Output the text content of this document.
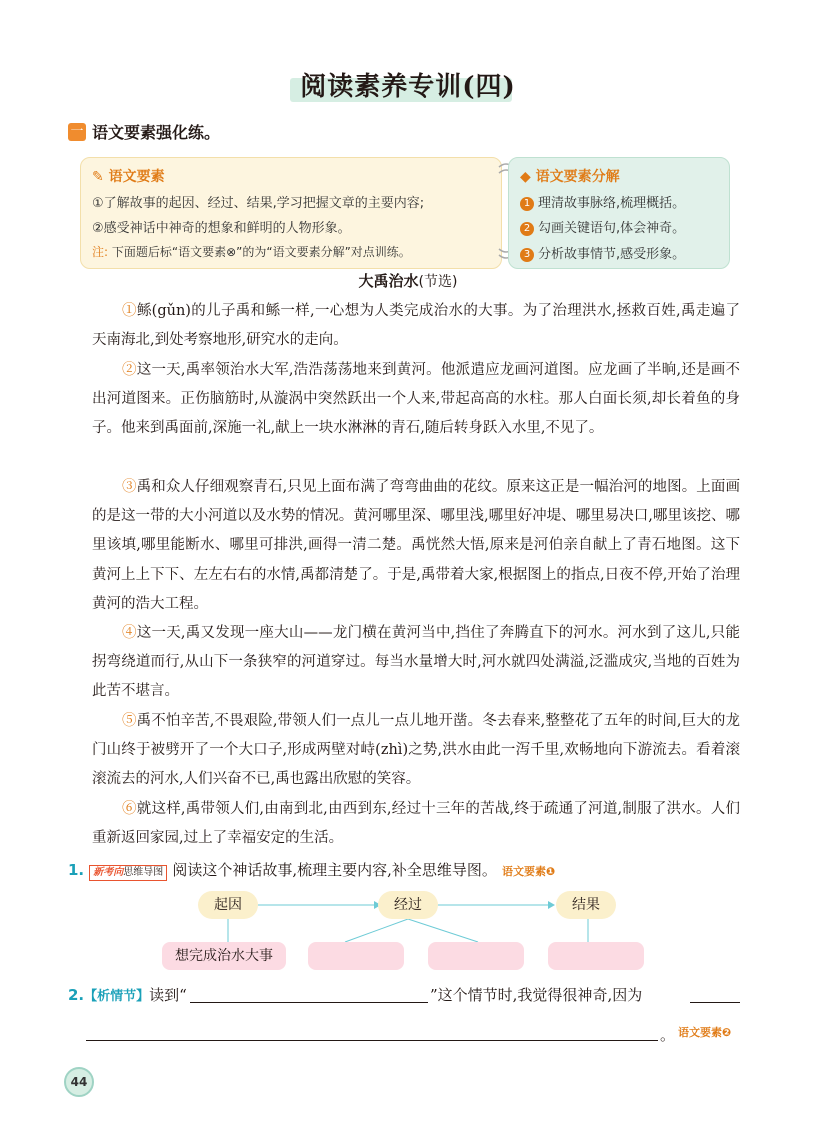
阅读素养专训(四)
一 语文要素强化练。
✎ 语文要素
①了解故事的起因、经过、结果,学习把握文章的主要内容;
②感受神话中神奇的想象和鲜明的人物形象。
注: 下面题后标“语文要素⊗”的为“语文要素分解”对点训练。
◆ 语文要素分解
1 理清故事脉络,梳理概括。
2 勾画关键语句,体会神奇。
3 分析故事情节,感受形象。
大禹治水(节选)
①鲧(gǔn)的儿子禹和鲧一样,一心想为人类完成治水的大事。为了治理洪水,拯救百姓,禹走遍了天南海北,到处考察地形,研究水的走向。
②这一天,禹率领治水大军,浩浩荡荡地来到黄河。他派遣应龙画河道图。应龙画了半晌,还是画不出河道图来。正伤脑筋时,从漩涡中突然跃出一个人来,带起高高的水柱。那人白面长须,却长着鱼的身子。他来到禹面前,深施一礼,献上一块水淋淋的青石,随后转身跃入水里,不见了。
③禹和众人仔细观察青石,只见上面布满了弯弯曲曲的花纹。原来这正是一幅治河的地图。上面画的是这一带的大小河道以及水势的情况。黄河哪里深、哪里浅,哪里好冲堤、哪里易决口,哪里该挖、哪里该填,哪里能断水、哪里可排洪,画得一清二楚。禹恍然大悟,原来是河伯亲自献上了青石地图。这下黄河上上下下、左左右右的水情,禹都清楚了。于是,禹带着大家,根据图上的指点,日夜不停,开始了治理黄河的浩大工程。
④这一天,禹又发现一座大山——龙门横在黄河当中,挡住了奔腾直下的河水。河水到了这儿,只能拐弯绕道而行,从山下一条狭窄的河道穿过。每当水量增大时,河水就四处满溢,泛滥成灾,当地的百姓为此苦不堪言。
⑤禹不怕辛苦,不畏艰险,带领人们一点儿一点儿地开凿。冬去春来,整整花了五年的时间,巨大的龙门山终于被劈开了一个大口子,形成两壁对峙(zhì)之势,洪水由此一泻千里,欢畅地向下游流去。看着滚滚流去的河水,人们兴奋不已,禹也露出欣慰的笑容。
⑥就这样,禹带领人们,由南到北,由西到东,经过十三年的苦战,终于疏通了河道,制服了洪水。人们重新返回家园,过上了幸福安定的生活。
1. 新考向思维导图 阅读这个神话故事,梳理主要内容,补全思维导图。 语文要素❶
起因	经过	结果
想完成治水大事
2.【析情节】读到“	”这个情节时,我觉得很神奇,因为
。 语文要素❷
44
